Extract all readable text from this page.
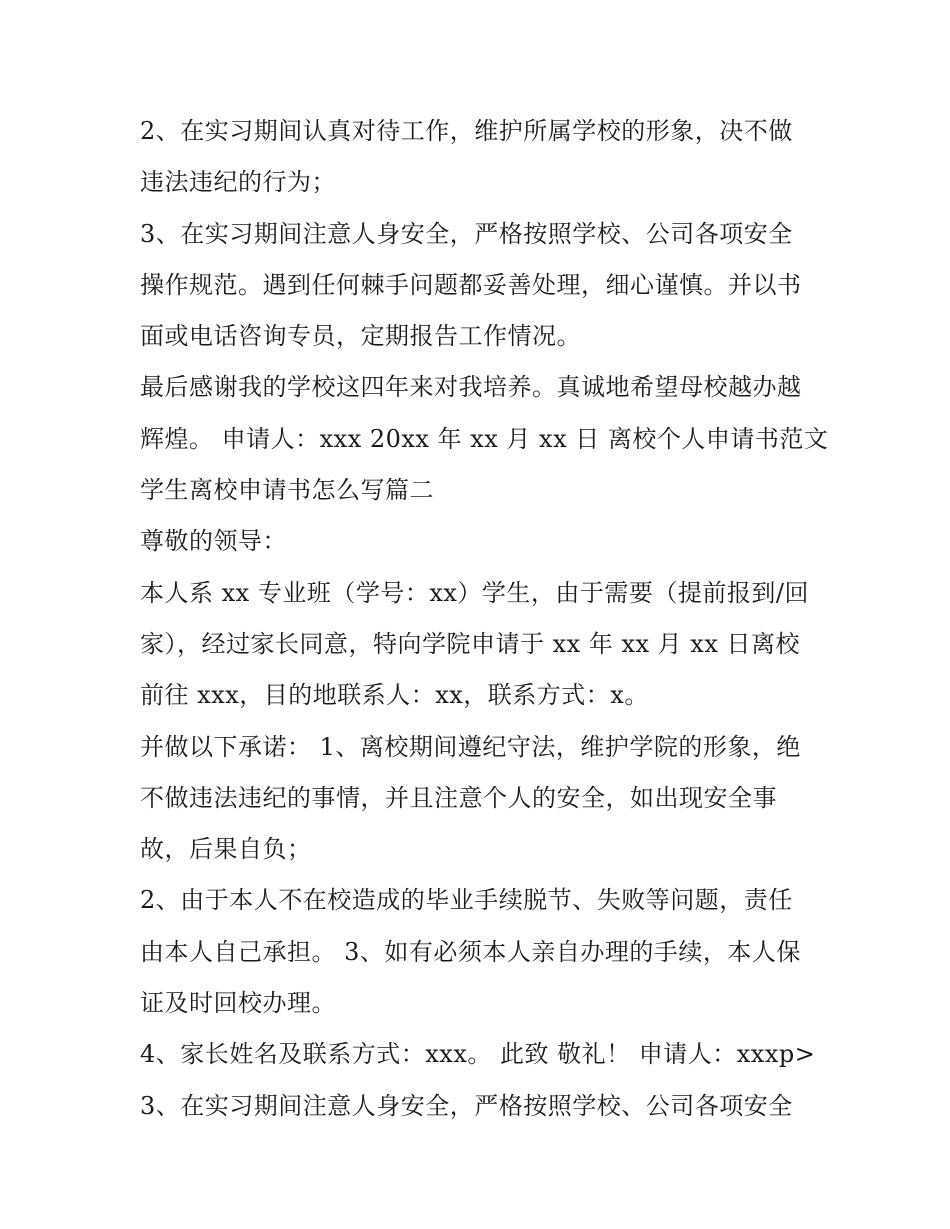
2、在实习期间认真对待工作，维护所属学校的形象，决不做
违法违纪的行为；
3、在实习期间注意人身安全，严格按照学校、公司各项安全
操作规范。遇到任何棘手问题都妥善处理，细心谨慎。并以书
面或电话咨询专员，定期报告工作情况。
最后感谢我的学校这四年来对我培养。真诚地希望母校越办越
辉煌。 申请人：xxx 20xx 年 xx 月 xx 日 离校个人申请书范文
学生离校申请书怎么写篇二
尊敬的领导：
本人系 xx 专业班（学号：xx）学生，由于需要（提前报到/回
家），经过家长同意，特向学院申请于 xx 年 xx 月 xx 日离校
前往 xxx，目的地联系人：xx，联系方式：x。
并做以下承诺： 1、离校期间遵纪守法，维护学院的形象，绝
不做违法违纪的事情，并且注意个人的安全，如出现安全事
故，后果自负；
2、由于本人不在校造成的毕业手续脱节、失败等问题，责任
由本人自己承担。 3、如有必须本人亲自办理的手续，本人保
证及时回校办理。
4、家长姓名及联系方式：xxx。 此致 敬礼！ 申请人：xxxp>
3、在实习期间注意人身安全，严格按照学校、公司各项安全
